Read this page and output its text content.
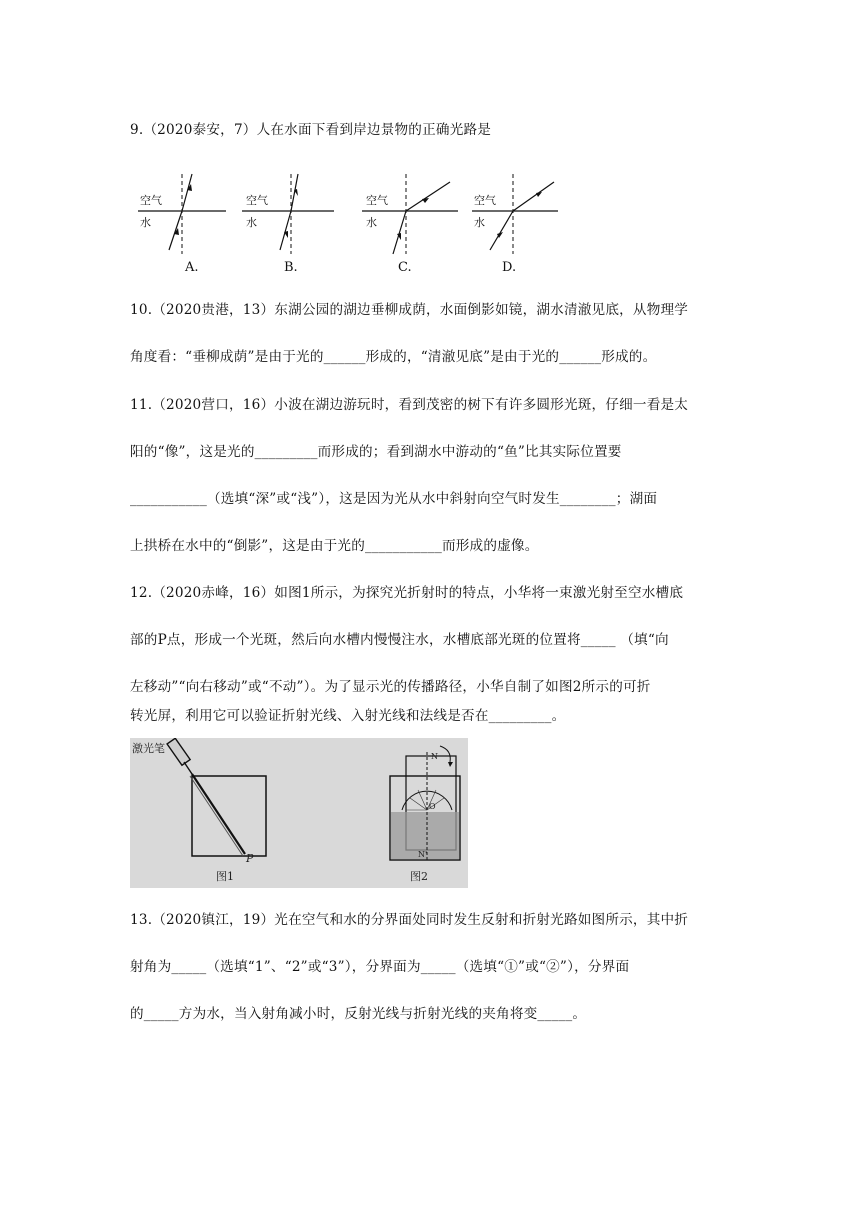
9.（2020泰安，7）人在水面下看到岸边景物的正确光路是
空气
水
A.
空气
水
B.
空气
水
C.
空气
水
D.
10.（2020贵港，13）东湖公园的湖边垂柳成荫，水面倒影如镜，湖水清澈见底，从物理学
角度看：“垂柳成荫”是由于光的______形成的，“清澈见底”是由于光的______形成的。
11.（2020营口，16）小波在湖边游玩时，看到茂密的树下有许多圆形光斑，仔细一看是太
阳的“像”，这是光的_________而形成的；看到湖水中游动的“鱼”比其实际位置要
___________（选填“深”或“浅”），这是因为光从水中斜射向空气时发生________；湖面
上拱桥在水中的“倒影”，这是由于光的___________而形成的虚像。
12.（2020赤峰，16）如图1所示，为探究光折射时的特点，小华将一束激光射至空水槽底
部的P点，形成一个光斑，然后向水槽内慢慢注水，水槽底部光斑的位置将_____ （填“向
左移动”“向右移动”或“不动”）。为了显示光的传播路径，小华自制了如图2所示的可折
转光屏，利用它可以验证折射光线、入射光线和法线是否在_________。
激光笔
P
图1	图2
N
O
N'
13.（2020镇江，19）光在空气和水的分界面处同时发生反射和折射光路如图所示，其中折
射角为_____（选填“1”、“2”或“3”），分界面为_____（选填“①”或“②”），分界面
的_____方为水，当入射角减小时，反射光线与折射光线的夹角将变_____。
